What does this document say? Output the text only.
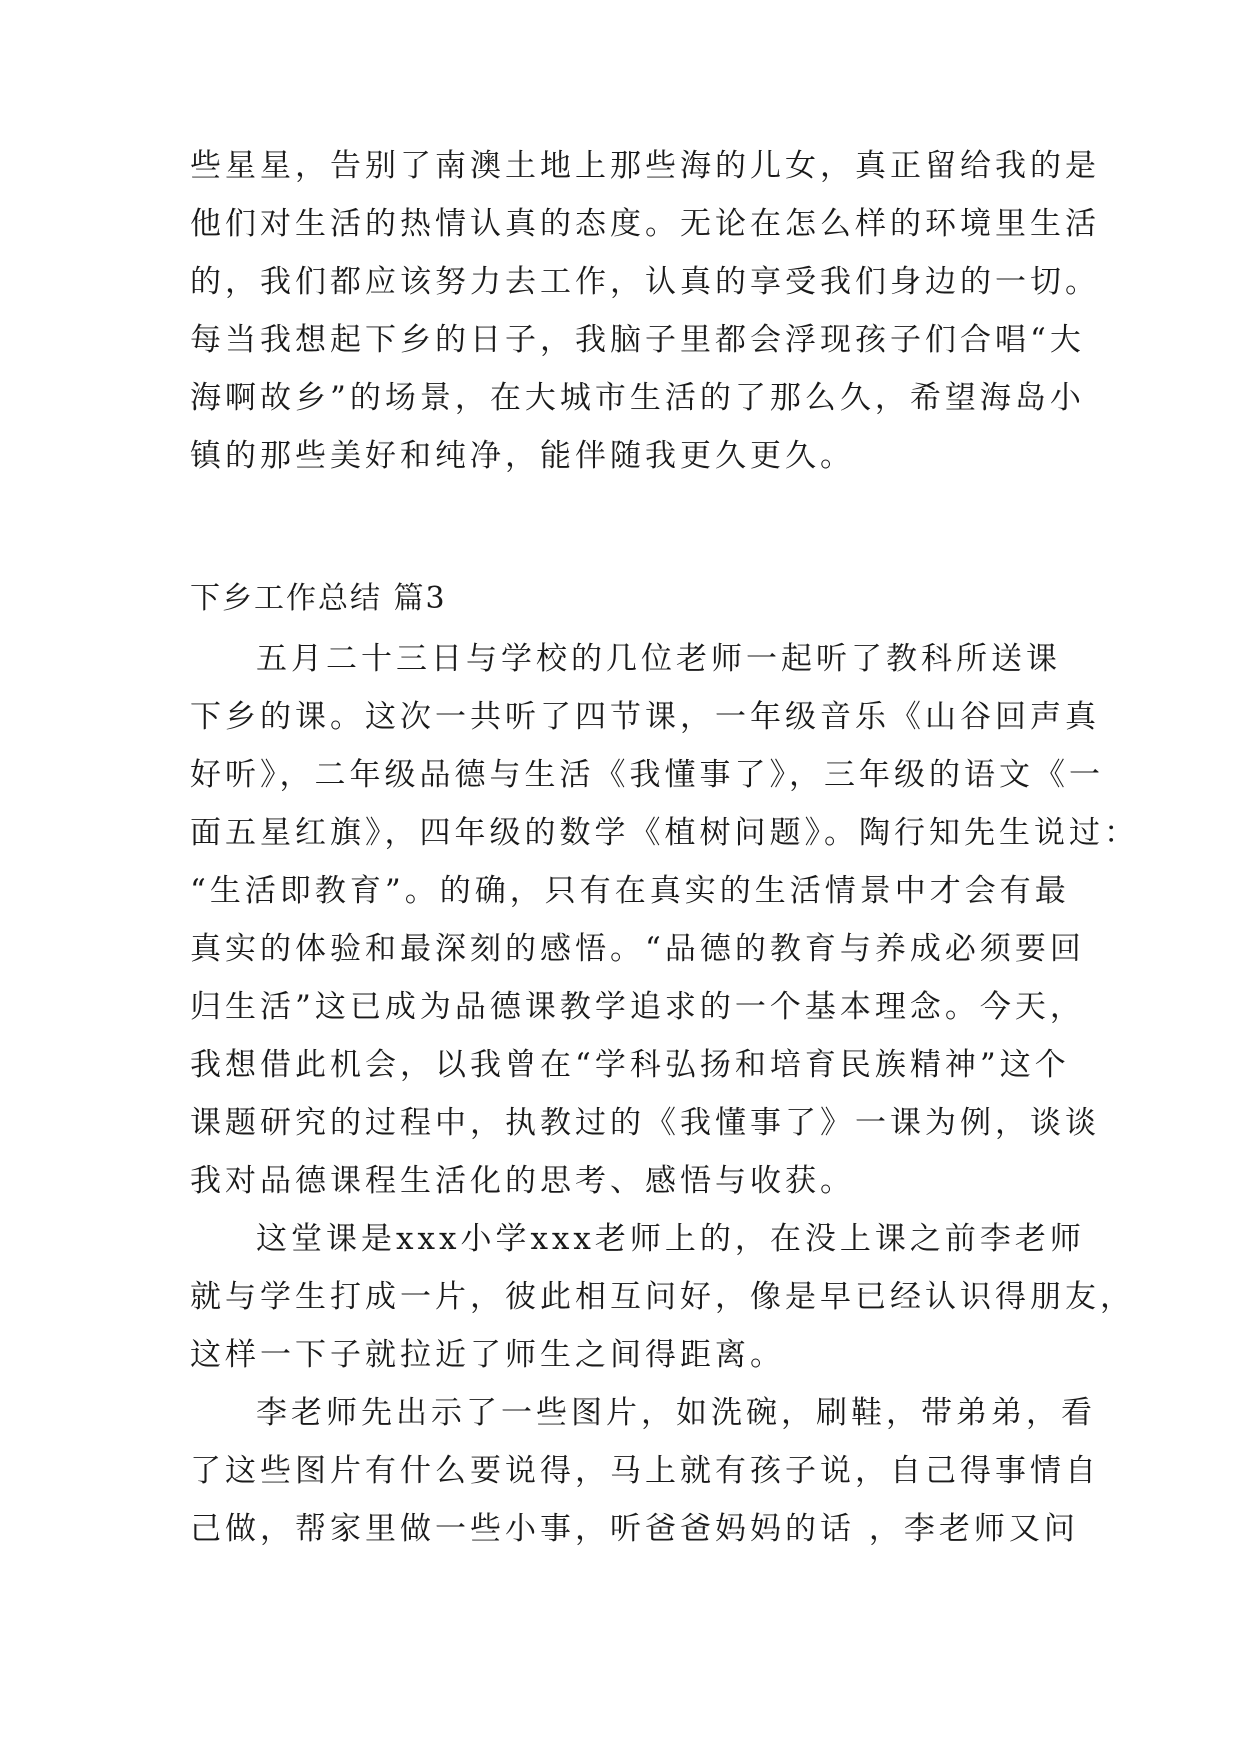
些星星，告别了南澳土地上那些海的儿女，真正留给我的是
他们对生活的热情认真的态度。无论在怎么样的环境里生活
的，我们都应该努力去工作，认真的享受我们身边的一切。
每当我想起下乡的日子，我脑子里都会浮现孩子们合唱“大
海啊故乡”的场景，在大城市生活的了那么久，希望海岛小
镇的那些美好和纯净，能伴随我更久更久。
下乡工作总结 篇3
五月二十三日与学校的几位老师一起听了教科所送课
下乡的课。这次一共听了四节课，一年级音乐《山谷回声真
好听》，二年级品德与生活《我懂事了》，三年级的语文《一
面五星红旗》，四年级的数学《植树问题》。陶行知先生说过：
“生活即教育”。的确，只有在真实的生活情景中才会有最
真实的体验和最深刻的感悟。“品德的教育与养成必须要回
归生活”这已成为品德课教学追求的一个基本理念。今天，
我想借此机会，以我曾在“学科弘扬和培育民族精神”这个
课题研究的过程中，执教过的《我懂事了》一课为例，谈谈
我对品德课程生活化的思考、感悟与收获。
这堂课是xxx小学xxx老师上的，在没上课之前李老师
就与学生打成一片，彼此相互问好，像是早已经认识得朋友，
这样一下子就拉近了师生之间得距离。
李老师先出示了一些图片，如洗碗，刷鞋，带弟弟，看
了这些图片有什么要说得，马上就有孩子说，自己得事情自
己做，帮家里做一些小事，听爸爸妈妈的话 ，李老师又问
